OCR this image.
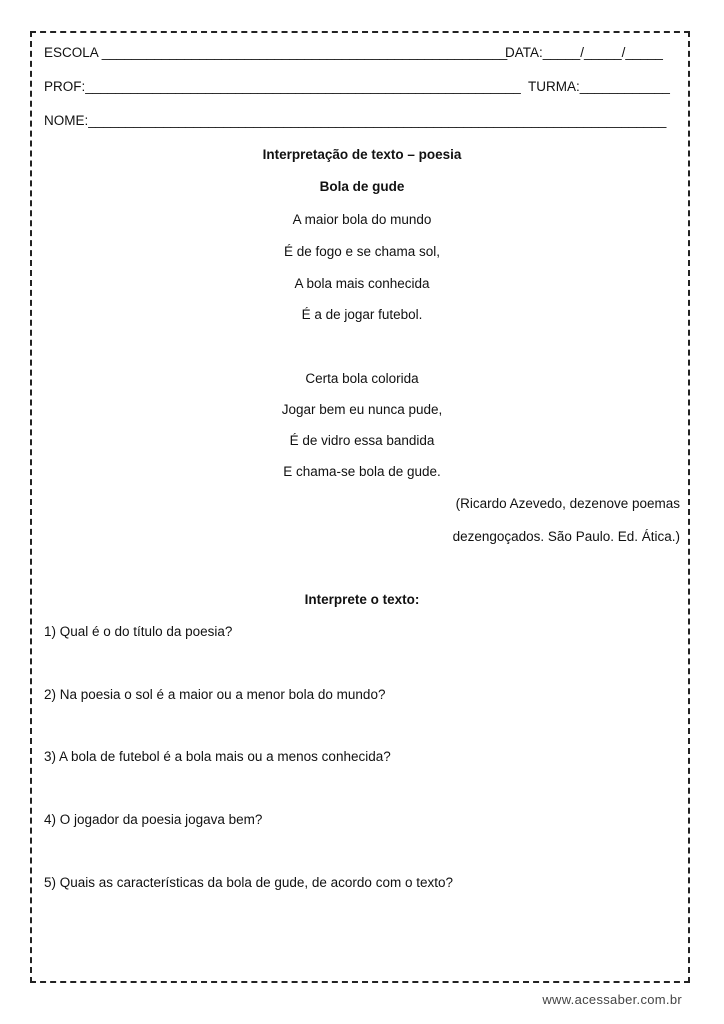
ESCOLA ______________________________________________________
DATA:_____/_____/_____
PROF:__________________________________________________________ TURMA:____________
NOME:_____________________________________________________________________________
Interpretação de texto – poesia
Bola de gude
A maior bola do mundo
É de fogo e se chama sol,
A bola mais conhecida
É a de jogar futebol.
Certa bola colorida
Jogar bem eu nunca pude,
É de vidro essa bandida
E chama-se bola de gude.
(Ricardo Azevedo, dezenove poemas
dezengoçados. São Paulo. Ed. Ática.)
Interprete o texto:
1) Qual é o do título da poesia?
2) Na poesia o sol é a maior ou a menor bola do mundo?
3) A bola de futebol é a bola mais ou a menos conhecida?
4) O jogador da poesia jogava bem?
5) Quais as características da bola de gude, de acordo com o texto?
www.acessaber.com.br
